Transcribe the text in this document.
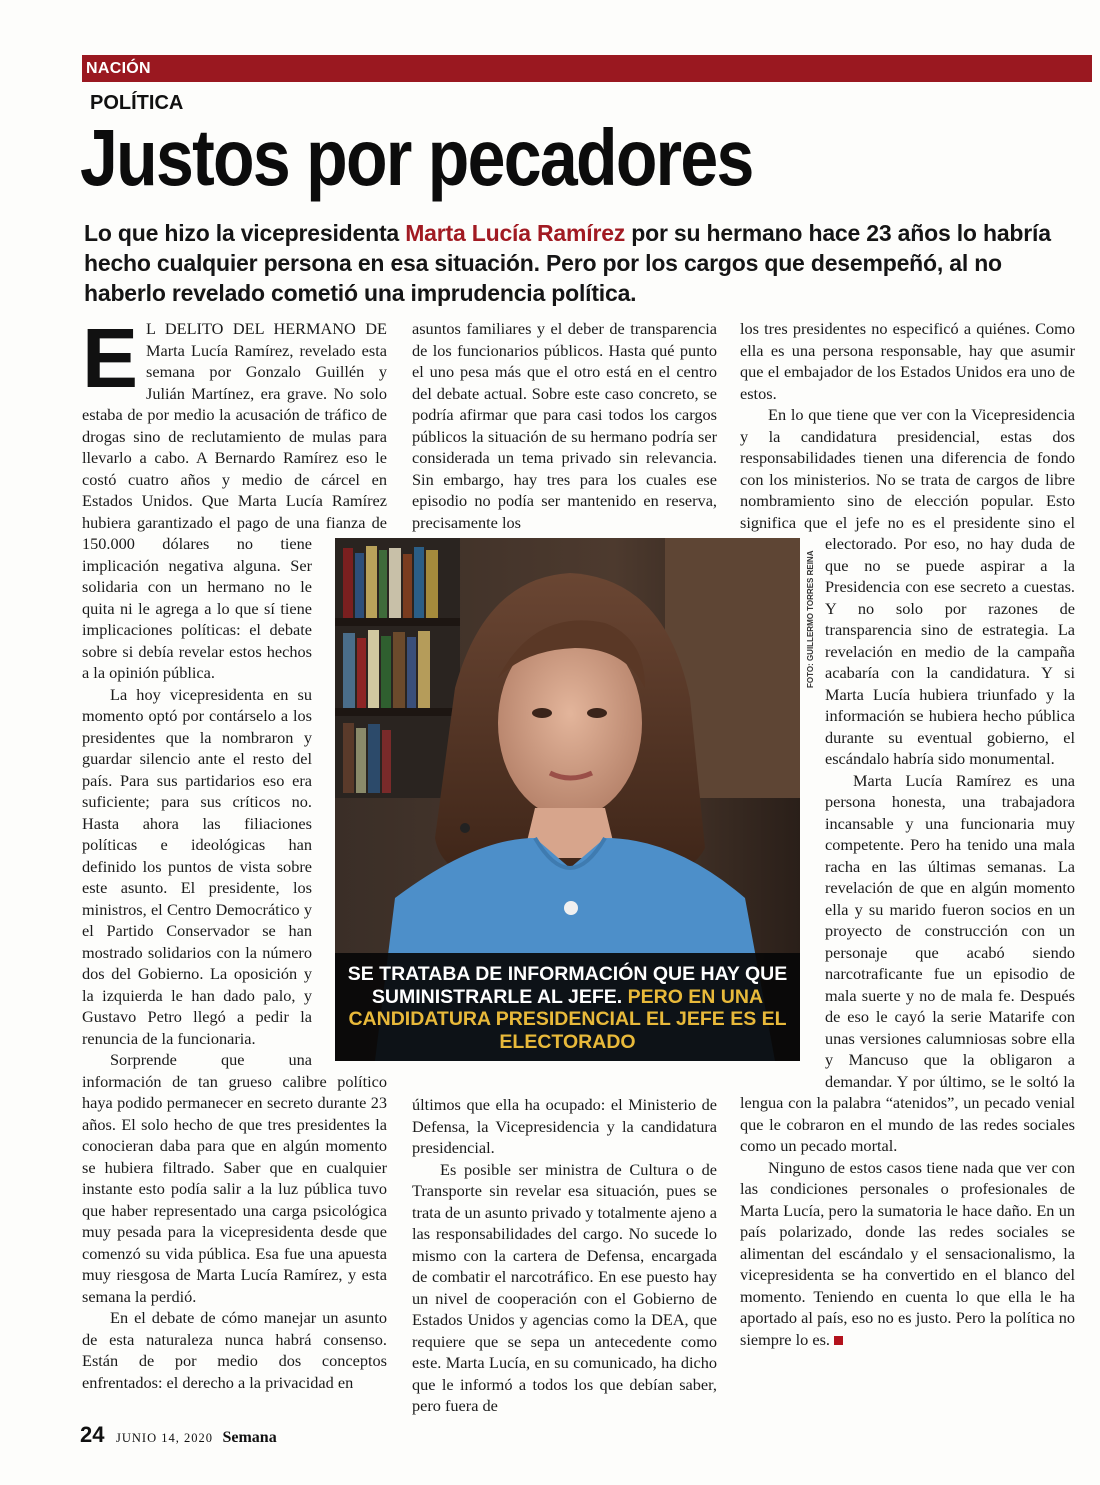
NACIÓN
POLÍTICA
Justos por pecadores

Lo que hizo la vicepresidenta Marta Lucía Ramírez por su hermano hace 23 años lo habría hecho cualquier persona en esa situación. Pero por los cargos que desempeñó, al no haberlo revelado cometió una imprudencia política.

E L DELITO DEL HERMANO DE Marta Lucía Ramírez, revelado esta semana por Gonzalo Guillén y Julián Martínez, era grave. No solo estaba de por medio la acusación de tráfico de drogas sino de reclutamiento de mulas para llevarlo a cabo. A Bernardo Ramírez eso le costó cuatro años y medio de cárcel en Estados Unidos. Que Marta Lucía Ramírez hubiera garantizado el pago de una fianza de 150.000 dólares no tiene implicación negativa alguna. Ser solidaria con un hermano no le quita ni le agrega a lo que sí tiene implicaciones políticas: el debate sobre si debía revelar estos hechos a la opinión pública.

La hoy vicepresidenta en su momento optó por contárselo a los presidentes que la nombraron y guardar silencio ante el resto del país. Para sus partidarios eso era suficiente; para sus críticos no. Hasta ahora las filiaciones políticas e ideológicas han definido los puntos de vista sobre este asunto. El presidente, los ministros, el Centro Democrático y el Partido Conservador se han mostrado solidarios con la número dos del Gobierno. La oposición y la izquierda le han dado palo, y Gustavo Petro llegó a pedir la renuncia de la funcionaria.

Sorprende que una información de tan grueso calibre político haya podido permanecer en secreto durante 23 años. El solo hecho de que tres presidentes la conocieran daba para que en algún momento se hubiera filtrado. Saber que en cualquier instante esto podía salir a la luz pública tuvo que haber representado una carga psicológica muy pesada para la vicepresidenta desde que comenzó su vida pública. Esa fue una apuesta muy riesgosa de Marta Lucía Ramírez, y esta semana la perdió.

En el debate de cómo manejar un asunto de esta naturaleza nunca habrá consenso. Están de por medio dos conceptos enfrentados: el derecho a la privacidad en

asuntos familiares y el deber de transparencia de los funcionarios públicos. Hasta qué punto el uno pesa más que el otro está en el centro del debate actual. Sobre este caso concreto, se podría afirmar que para casi todos los cargos públicos la situación de su hermano podría ser considerada un tema privado sin relevancia. Sin embargo, hay tres para los cuales ese episodio no podía ser mantenido en reserva, precisamente los

últimos que ella ha ocupado: el Ministerio de Defensa, la Vicepresidencia y la candidatura presidencial.

Es posible ser ministra de Cultura o de Transporte sin revelar esa situación, pues se trata de un asunto privado y totalmente ajeno a las responsabilidades del cargo. No sucede lo mismo con la cartera de Defensa, encargada de combatir el narcotráfico. En ese puesto hay un nivel de cooperación con el Gobierno de Estados Unidos y agencias como la DEA, que requiere que se sepa un antecedente como este. Marta Lucía, en su comunicado, ha dicho que le informó a todos los que debían saber, pero fuera de

los tres presidentes no especificó a quiénes. Como ella es una persona responsable, hay que asumir que el embajador de los Estados Unidos era uno de estos.

En lo que tiene que ver con la Vicepresidencia y la candidatura presidencial, estas dos responsabilidades tienen una diferencia de fondo con los ministerios. No se trata de cargos de libre nombramiento sino de elección popular. Esto significa que el jefe no es el presidente sino el electorado. Por eso, no hay duda de que no se puede aspirar a la Presidencia con ese secreto a cuestas. Y no solo por razones de transparencia sino de estrategia. La revelación en medio de la campaña acabaría con la candidatura. Y si Marta Lucía hubiera triunfado y la información se hubiera hecho pública durante su eventual gobierno, el escándalo habría sido monumental.

Marta Lucía Ramírez es una persona honesta, una trabajadora incansable y una funcionaria muy competente. Pero ha tenido una mala racha en las últimas semanas. La revelación de que en algún momento ella y su marido fueron socios en un proyecto de construcción con un personaje que acabó siendo narcotraficante fue un episodio de mala suerte y no de mala fe. Después de eso le cayó la serie Matarife con unas versiones calumniosas sobre ella y Mancuso que la obligaron a demandar. Y por último, se le soltó la lengua con la palabra “atenidos”, un pecado venial que le cobraron en el mundo de las redes sociales como un pecado mortal.

Ninguno de estos casos tiene nada que ver con las condiciones personales o profesionales de Marta Lucía, pero la sumatoria le hace daño. En un país polarizado, donde las redes sociales se alimentan del escándalo y el sensacionalismo, la vicepresidenta se ha convertido en el blanco del momento. Teniendo en cuenta lo que ella le ha aportado al país, eso no es justo. Pero la política no siempre lo es.

SE TRATABA DE INFORMACIÓN QUE HAY QUE SUMINISTRARLE AL JEFE. PERO EN UNA CANDIDATURA PRESIDENCIAL EL JEFE ES EL ELECTORADO
FOTO: GUILLERMO TORRES REINA
24 JUNIO 14, 2020 Semana
